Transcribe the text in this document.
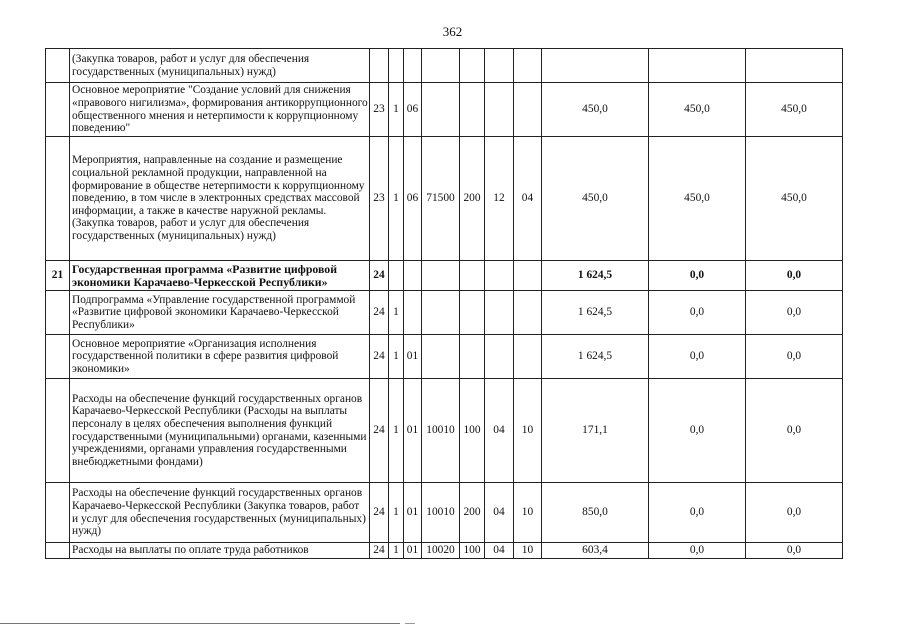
362
	(Закупка товаров, работ и услуг для обеспечения государственных (муниципальных) нужд)										
	Основное мероприятие "Создание условий для снижения «правового нигилизма», формирования антикоррупционного общественного мнения и нетерпимости к коррупционному поведению"	23	1	06					450,0	450,0	450,0
	Мероприятия, направленные на создание и размещение социальной рекламной продукции, направленной на формирование в обществе нетерпимости к коррупционному поведению, в том числе в электронных средствах массовой информации, а также в качестве наружной рекламы. (Закупка товаров, работ и услуг для обеспечения государственных (муниципальных) нужд)	23	1	06	71500	200	12	04	450,0	450,0	450,0
21	Государственная программа «Развитие цифровой экономики Карачаево-Черкесской Республики»	24							1 624,5	0,0	0,0
	Подпрограмма «Управление государственной программой «Развитие цифровой экономики Карачаево-Черкесской Республики»	24	1						1 624,5	0,0	0,0
	Основное мероприятие «Организация исполнения государственной политики в сфере развития цифровой экономики»	24	1	01					1 624,5	0,0	0,0
	Расходы на обеспечение функций государственных органов Карачаево-Черкесской Республики (Расходы на выплаты персоналу в целях обеспечения выполнения функций государственными (муниципальными) органами, казенными учреждениями, органами управления государственными внебюджетными фондами)	24	1	01	10010	100	04	10	171,1	0,0	0,0
	Расходы на обеспечение функций государственных органов Карачаево-Черкесской Республики (Закупка товаров, работ и услуг для обеспечения государственных (муниципальных) нужд)	24	1	01	10010	200	04	10	850,0	0,0	0,0
	Расходы на выплаты по оплате труда работников	24	1	01	10020	100	04	10	603,4	0,0	0,0
